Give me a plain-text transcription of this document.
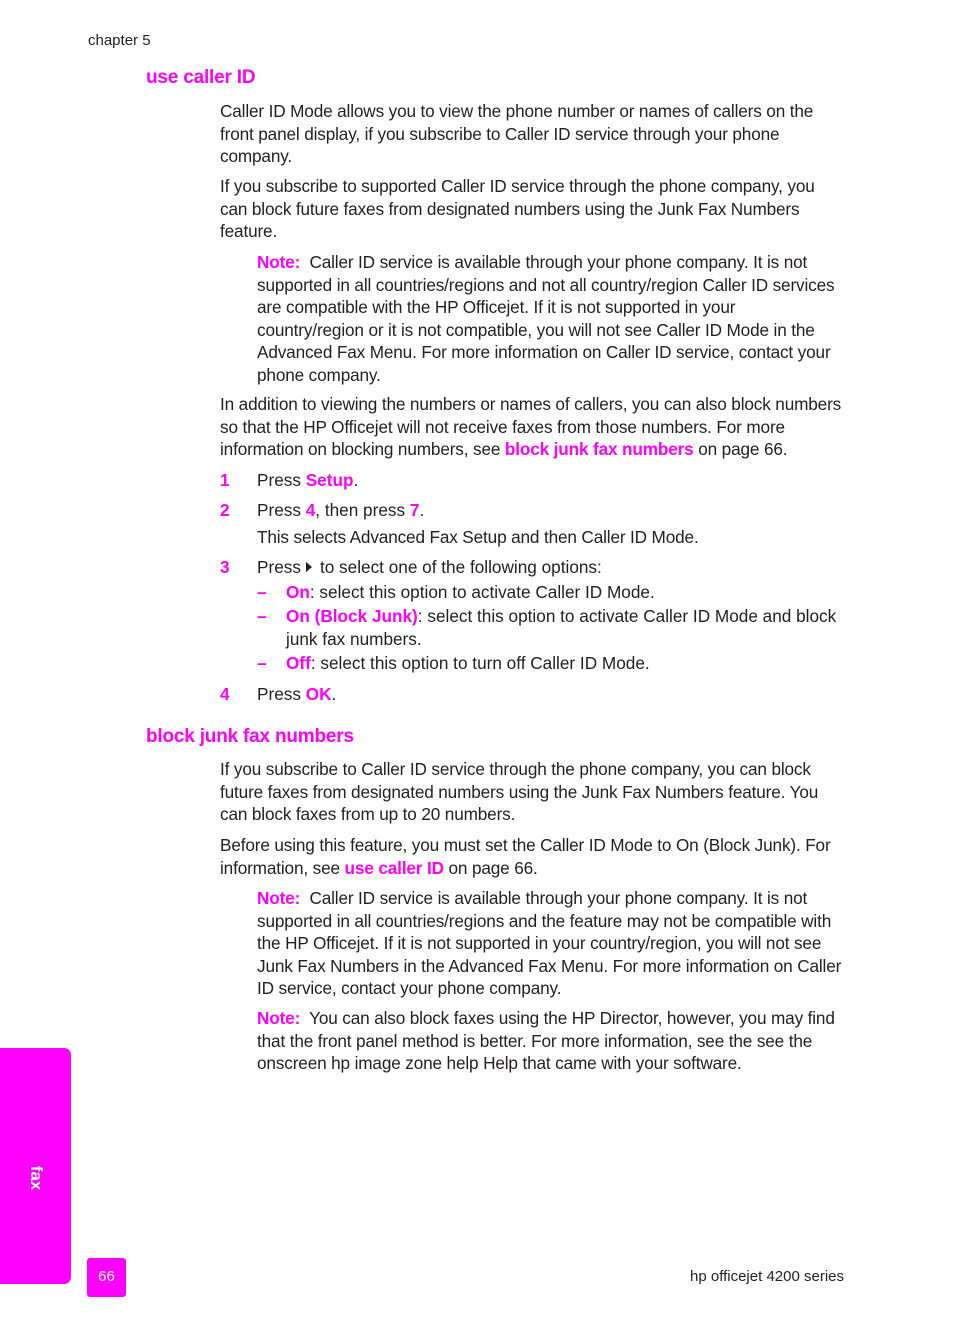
chapter 5
use caller ID

Caller ID Mode allows you to view the phone number or names of callers on the front panel display, if you subscribe to Caller ID service through your phone company.

If you subscribe to supported Caller ID service through the phone company, you can block future faxes from designated numbers using the Junk Fax Numbers feature.

Note: Caller ID service is available through your phone company. It is not supported in all countries/regions and not all country/region Caller ID services are compatible with the HP Officejet. If it is not supported in your country/region or it is not compatible, you will not see Caller ID Mode in the Advanced Fax Menu. For more information on Caller ID service, contact your phone company.

In addition to viewing the numbers or names of callers, you can also block numbers so that the HP Officejet will not receive faxes from those numbers. For more information on blocking numbers, see block junk fax numbers on page 66.

1 Press Setup.
2 Press 4, then press 7.

This selects Advanced Fax Setup and then Caller ID Mode.

3 Press to select one of the following options:
– On: select this option to activate Caller ID Mode.
– On (Block Junk): select this option to activate Caller ID Mode and block junk fax numbers.
– Off: select this option to turn off Caller ID Mode.
4 Press OK.
block junk fax numbers

If you subscribe to Caller ID service through the phone company, you can block future faxes from designated numbers using the Junk Fax Numbers feature. You can block faxes from up to 20 numbers.

Before using this feature, you must set the Caller ID Mode to On (Block Junk). For information, see use caller ID on page 66.

Note: Caller ID service is available through your phone company. It is not supported in all countries/regions and the feature may not be compatible with the HP Officejet. If it is not supported in your country/region, you will not see Junk Fax Numbers in the Advanced Fax Menu. For more information on Caller ID service, contact your phone company.

Note: You can also block faxes using the HP Director, however, you may find that the front panel method is better. For more information, see the see the onscreen hp image zone help Help that came with your software.

fax
66	hp officejet 4200 series
